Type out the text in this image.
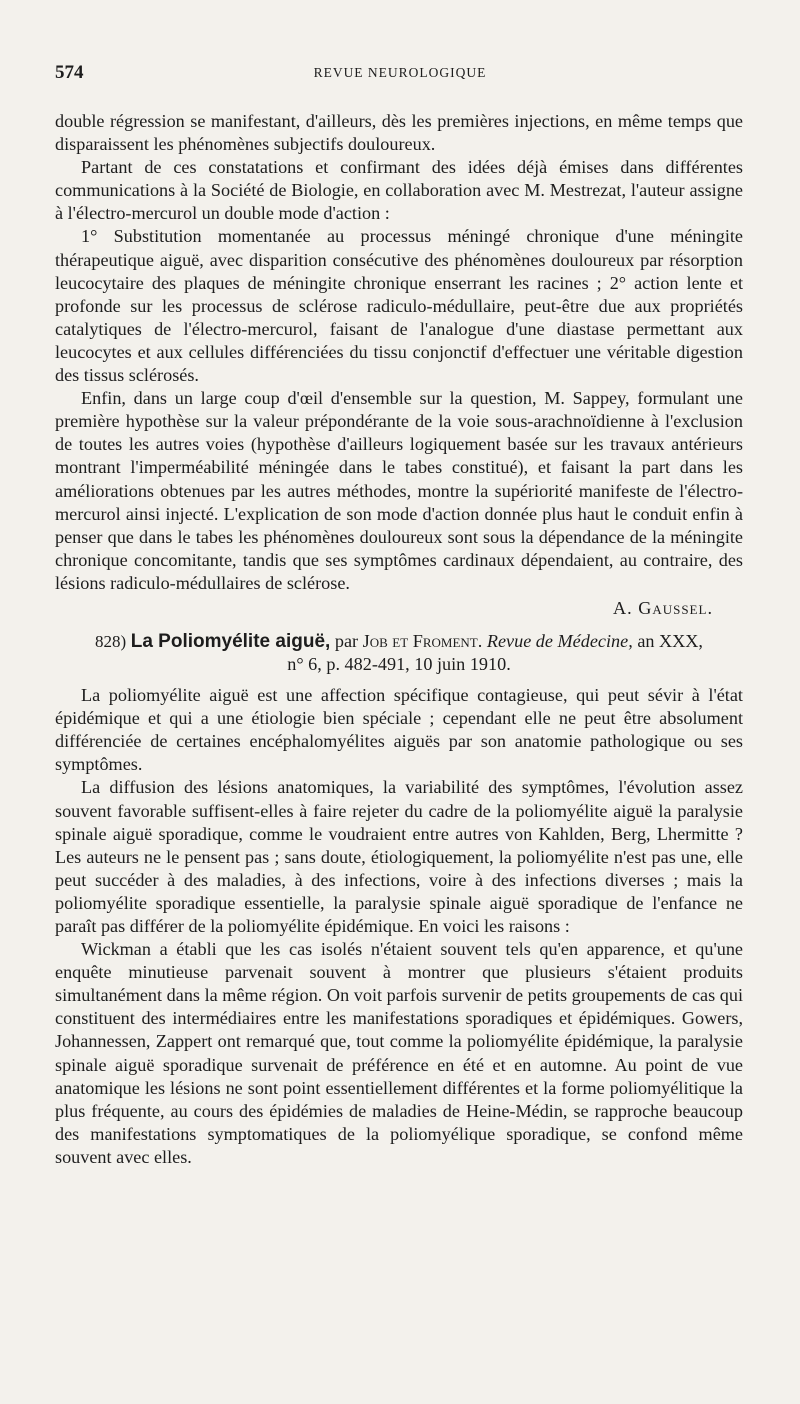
574	REVUE NEUROLOGIQUE

double régression se manifestant, d'ailleurs, dès les premières injections, en même temps que disparaissent les phénomènes subjectifs douloureux.

Partant de ces constatations et confirmant des idées déjà émises dans différentes communications à la Société de Biologie, en collaboration avec M. Mestrezat, l'auteur assigne à l'électro-mercurol un double mode d'action :

1° Substitution momentanée au processus méningé chronique d'une méningite thérapeutique aiguë, avec disparition consécutive des phénomènes douloureux par résorption leucocytaire des plaques de méningite chronique enserrant les racines ; 2° action lente et profonde sur les processus de sclérose radiculo-médullaire, peut-être due aux propriétés catalytiques de l'électro-mercurol, faisant de l'analogue d'une diastase permettant aux leucocytes et aux cellules différenciées du tissu conjonctif d'effectuer une véritable digestion des tissus sclérosés.

Enfin, dans un large coup d'œil d'ensemble sur la question, M. Sappey, formulant une première hypothèse sur la valeur prépondérante de la voie sous-arachnoïdienne à l'exclusion de toutes les autres voies (hypothèse d'ailleurs logiquement basée sur les travaux antérieurs montrant l'imperméabilité méningée dans le tabes constitué), et faisant la part dans les améliorations obtenues par les autres méthodes, montre la supériorité manifeste de l'électro-mercurol ainsi injecté. L'explication de son mode d'action donnée plus haut le conduit enfin à penser que dans le tabes les phénomènes douloureux sont sous la dépendance de la méningite chronique concomitante, tandis que ses symptômes cardinaux dépendaient, au contraire, des lésions radiculo-médullaires de sclérose.

A. Gaussel.
828) La Poliomyélite aiguë, par Job et Froment. Revue de Médecine, an XXX,
n° 6, p. 482-491, 10 juin 1910.

La poliomyélite aiguë est une affection spécifique contagieuse, qui peut sévir à l'état épidémique et qui a une étiologie bien spéciale ; cependant elle ne peut être absolument différenciée de certaines encéphalomyélites aiguës par son anatomie pathologique ou ses symptômes.

La diffusion des lésions anatomiques, la variabilité des symptômes, l'évolution assez souvent favorable suffisent-elles à faire rejeter du cadre de la poliomyélite aiguë la paralysie spinale aiguë sporadique, comme le voudraient entre autres von Kahlden, Berg, Lhermitte ? Les auteurs ne le pensent pas ; sans doute, étiologiquement, la poliomyélite n'est pas une, elle peut succéder à des maladies, à des infections, voire à des infections diverses ; mais la poliomyélite sporadique essentielle, la paralysie spinale aiguë sporadique de l'enfance ne paraît pas différer de la poliomyélite épidémique. En voici les raisons :

Wickman a établi que les cas isolés n'étaient souvent tels qu'en apparence, et qu'une enquête minutieuse parvenait souvent à montrer que plusieurs s'étaient produits simultanément dans la même région. On voit parfois survenir de petits groupements de cas qui constituent des intermédiaires entre les manifestations sporadiques et épidémiques. Gowers, Johannessen, Zappert ont remarqué que, tout comme la poliomyélite épidémique, la paralysie spinale aiguë sporadique survenait de préférence en été et en automne. Au point de vue anatomique les lésions ne sont point essentiellement différentes et la forme poliomyélitique la plus fréquente, au cours des épidémies de maladies de Heine-Médin, se rapproche beaucoup des manifestations symptomatiques de la poliomyélique sporadique, se confond même souvent avec elles.
